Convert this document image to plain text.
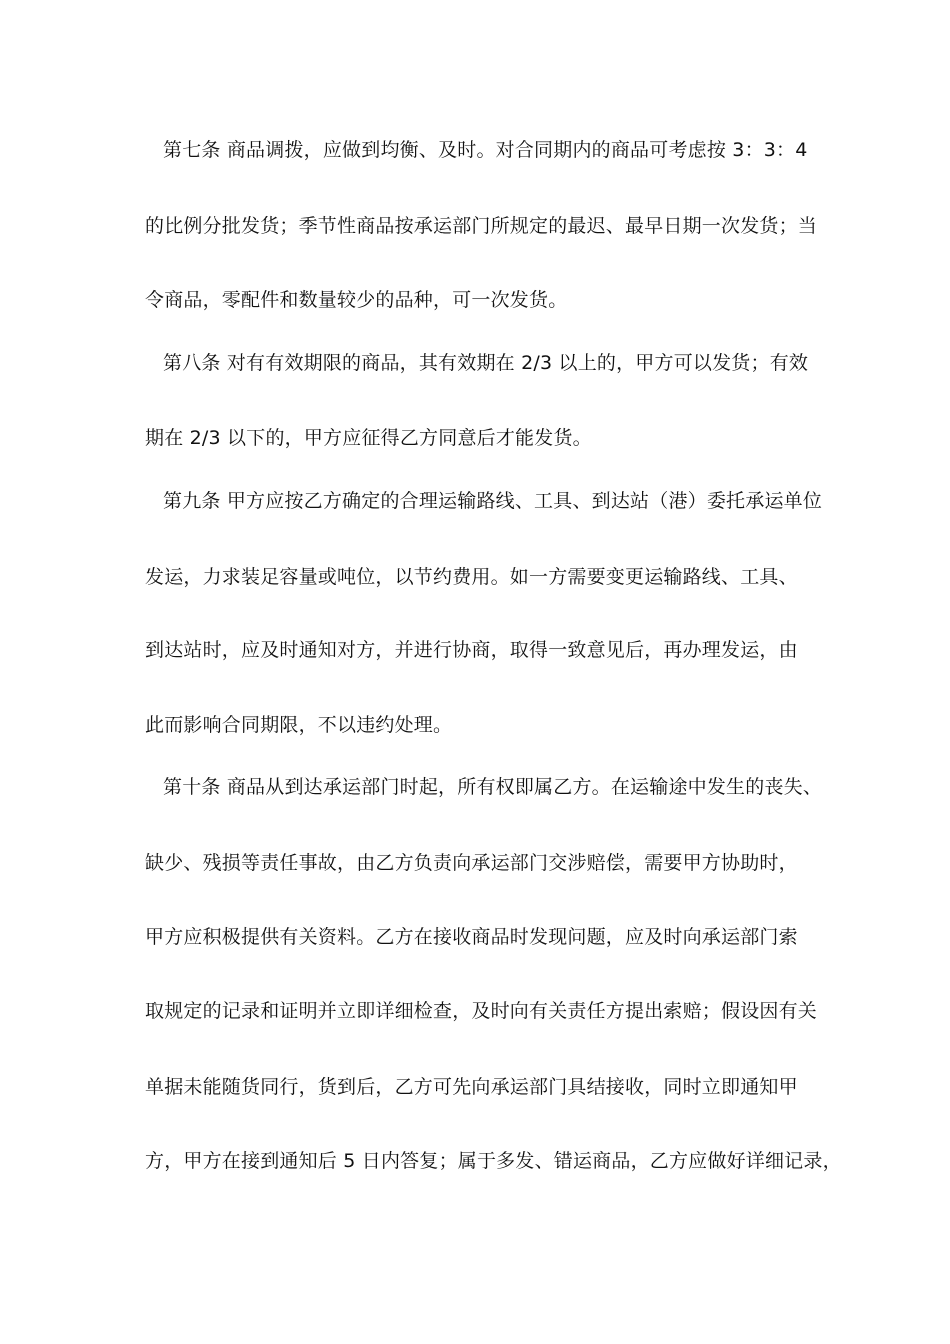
第七条 商品调拨，应做到均衡、及时。对合同期内的商品可考虑按 3：3：4
的比例分批发货；季节性商品按承运部门所规定的最迟、最早日期一次发货；当
令商品，零配件和数量较少的品种，可一次发货。
第八条 对有有效期限的商品，其有效期在 2/3 以上的，甲方可以发货；有效
期在 2/3 以下的，甲方应征得乙方同意后才能发货。
第九条 甲方应按乙方确定的合理运输路线、工具、到达站（港）委托承运单位
发运，力求装足容量或吨位，以节约费用。如一方需要变更运输路线、工具、
到达站时，应及时通知对方，并进行协商，取得一致意见后，再办理发运，由
此而影响合同期限，不以违约处理。
第十条 商品从到达承运部门时起，所有权即属乙方。在运输途中发生的丧失、
缺少、残损等责任事故，由乙方负责向承运部门交涉赔偿，需要甲方协助时，
甲方应积极提供有关资料。乙方在接收商品时发现问题，应及时向承运部门索
取规定的记录和证明并立即详细检查，及时向有关责任方提出索赔；假设因有关
单据未能随货同行，货到后，乙方可先向承运部门具结接收，同时立即通知甲
方，甲方在接到通知后 5 日内答复；属于多发、错运商品，乙方应做好详细记录，
